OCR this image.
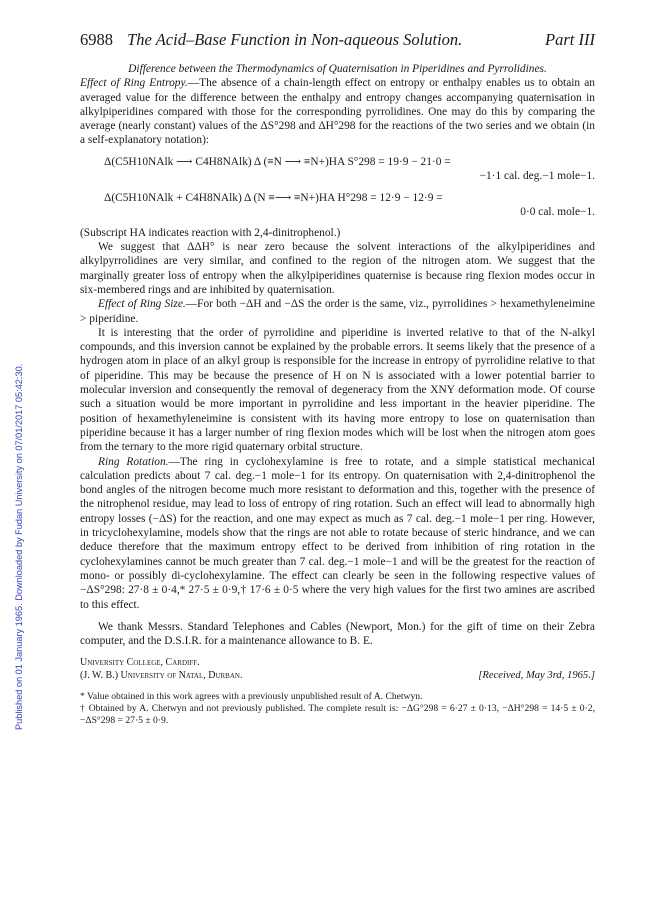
Published on 01 January 1965. Downloaded by Fudan University on 07/01/2017 05:42:30.
6988 The Acid–Base Function in Non-aqueous Solution.	Part III

Difference between the Thermodynamics of Quaternisation in Piperidines and Pyrrolidines.

Effect of Ring Entropy.—The absence of a chain-length effect on entropy or enthalpy enables us to obtain an averaged value for the difference between the enthalpy and entropy changes accompanying quaternisation in alkylpiperidines compared with those for the corresponding pyrrolidines. One may do this by comparing the average (nearly constant) values of the ΔS°298 and ΔH°298 for the reactions of the two series and we obtain (in a self-explanatory notation):

Δ(C5H10NAlk ⟶ C4H8NAlk) Δ (≡N ⟶ ≡N+)HA S°298 = 19·9 − 21·0 =
−1·1 cal. deg.−1 mole−1.
Δ(C5H10NAlk + C4H8NAlk) Δ (N ≡⟶ ≡N+)HA H°298 = 12·9 − 12·9 =
0·0 cal. mole−1.

(Subscript HA indicates reaction with 2,4-dinitrophenol.)

We suggest that ΔΔH° is near zero because the solvent interactions of the alkylpiperidines and alkylpyrrolidines are very similar, and confined to the region of the nitrogen atom. We suggest that the marginally greater loss of entropy when the alkylpiperidines quaternise is because ring flexion modes occur in six-membered rings and are inhibited by quaternisation.

Effect of Ring Size.—For both −ΔH and −ΔS the order is the same, viz., pyrrolidines > hexamethyleneimine > piperidine.

It is interesting that the order of pyrrolidine and piperidine is inverted relative to that of the N-alkyl compounds, and this inversion cannot be explained by the probable errors. It seems likely that the presence of a hydrogen atom in place of an alkyl group is responsible for the increase in entropy of pyrrolidine relative to that of piperidine. This may be because the presence of H on N is associated with a lower potential barrier to molecular inversion and consequently the removal of degeneracy from the XNY deformation mode. Of course such a situation would be more important in pyrrolidine and less important in the heavier piperidine. The position of hexamethyleneimine is consistent with its having more entropy to lose on quaternisation than piperidine because it has a larger number of ring flexion modes which will be lost when the nitrogen atom goes from the ternary to the more rigid quaternary orbital structure.

Ring Rotation.—The ring in cyclohexylamine is free to rotate, and a simple statistical mechanical calculation predicts about 7 cal. deg.−1 mole−1 for its entropy. On quaternisation with 2,4-dinitrophenol the bond angles of the nitrogen become much more resistant to deformation and this, together with the presence of the nitrophenol residue, may lead to loss of entropy of ring rotation. Such an effect will lead to abnormally high entropy losses (−ΔS) for the reaction, and one may expect as much as 7 cal. deg.−1 mole−1 per ring. However, in tricyclohexylamine, models show that the rings are not able to rotate because of steric hindrance, and we can deduce therefore that the maximum entropy effect to be derived from inhibition of ring rotation in the cyclohexylamines cannot be much greater than 7 cal. deg.−1 mole−1 and will be the greatest for the reaction of mono- or possibly di-cyclohexylamine. The effect can clearly be seen in the following respective values of −ΔS°298: 27·8 ± 0·4,* 27·5 ± 0·9,† 17·6 ± 0·5 where the very high values for the first two amines are ascribed to this effect.

We thank Messrs. Standard Telephones and Cables (Newport, Mon.) for the gift of time on their Zebra computer, and the D.S.I.R. for a maintenance allowance to B. E.

University College, Cardiff.
(J. W. B.) University of Natal, Durban.	[Received, May 3rd, 1965.]

* Value obtained in this work agrees with a previously unpublished result of A. Chetwyn.

† Obtained by A. Chetwyn and not previously published. The complete result is: −ΔG°298 = 6·27 ± 0·13, −ΔH°298 = 14·5 ± 0·2, −ΔS°298 = 27·5 ± 0·9.
